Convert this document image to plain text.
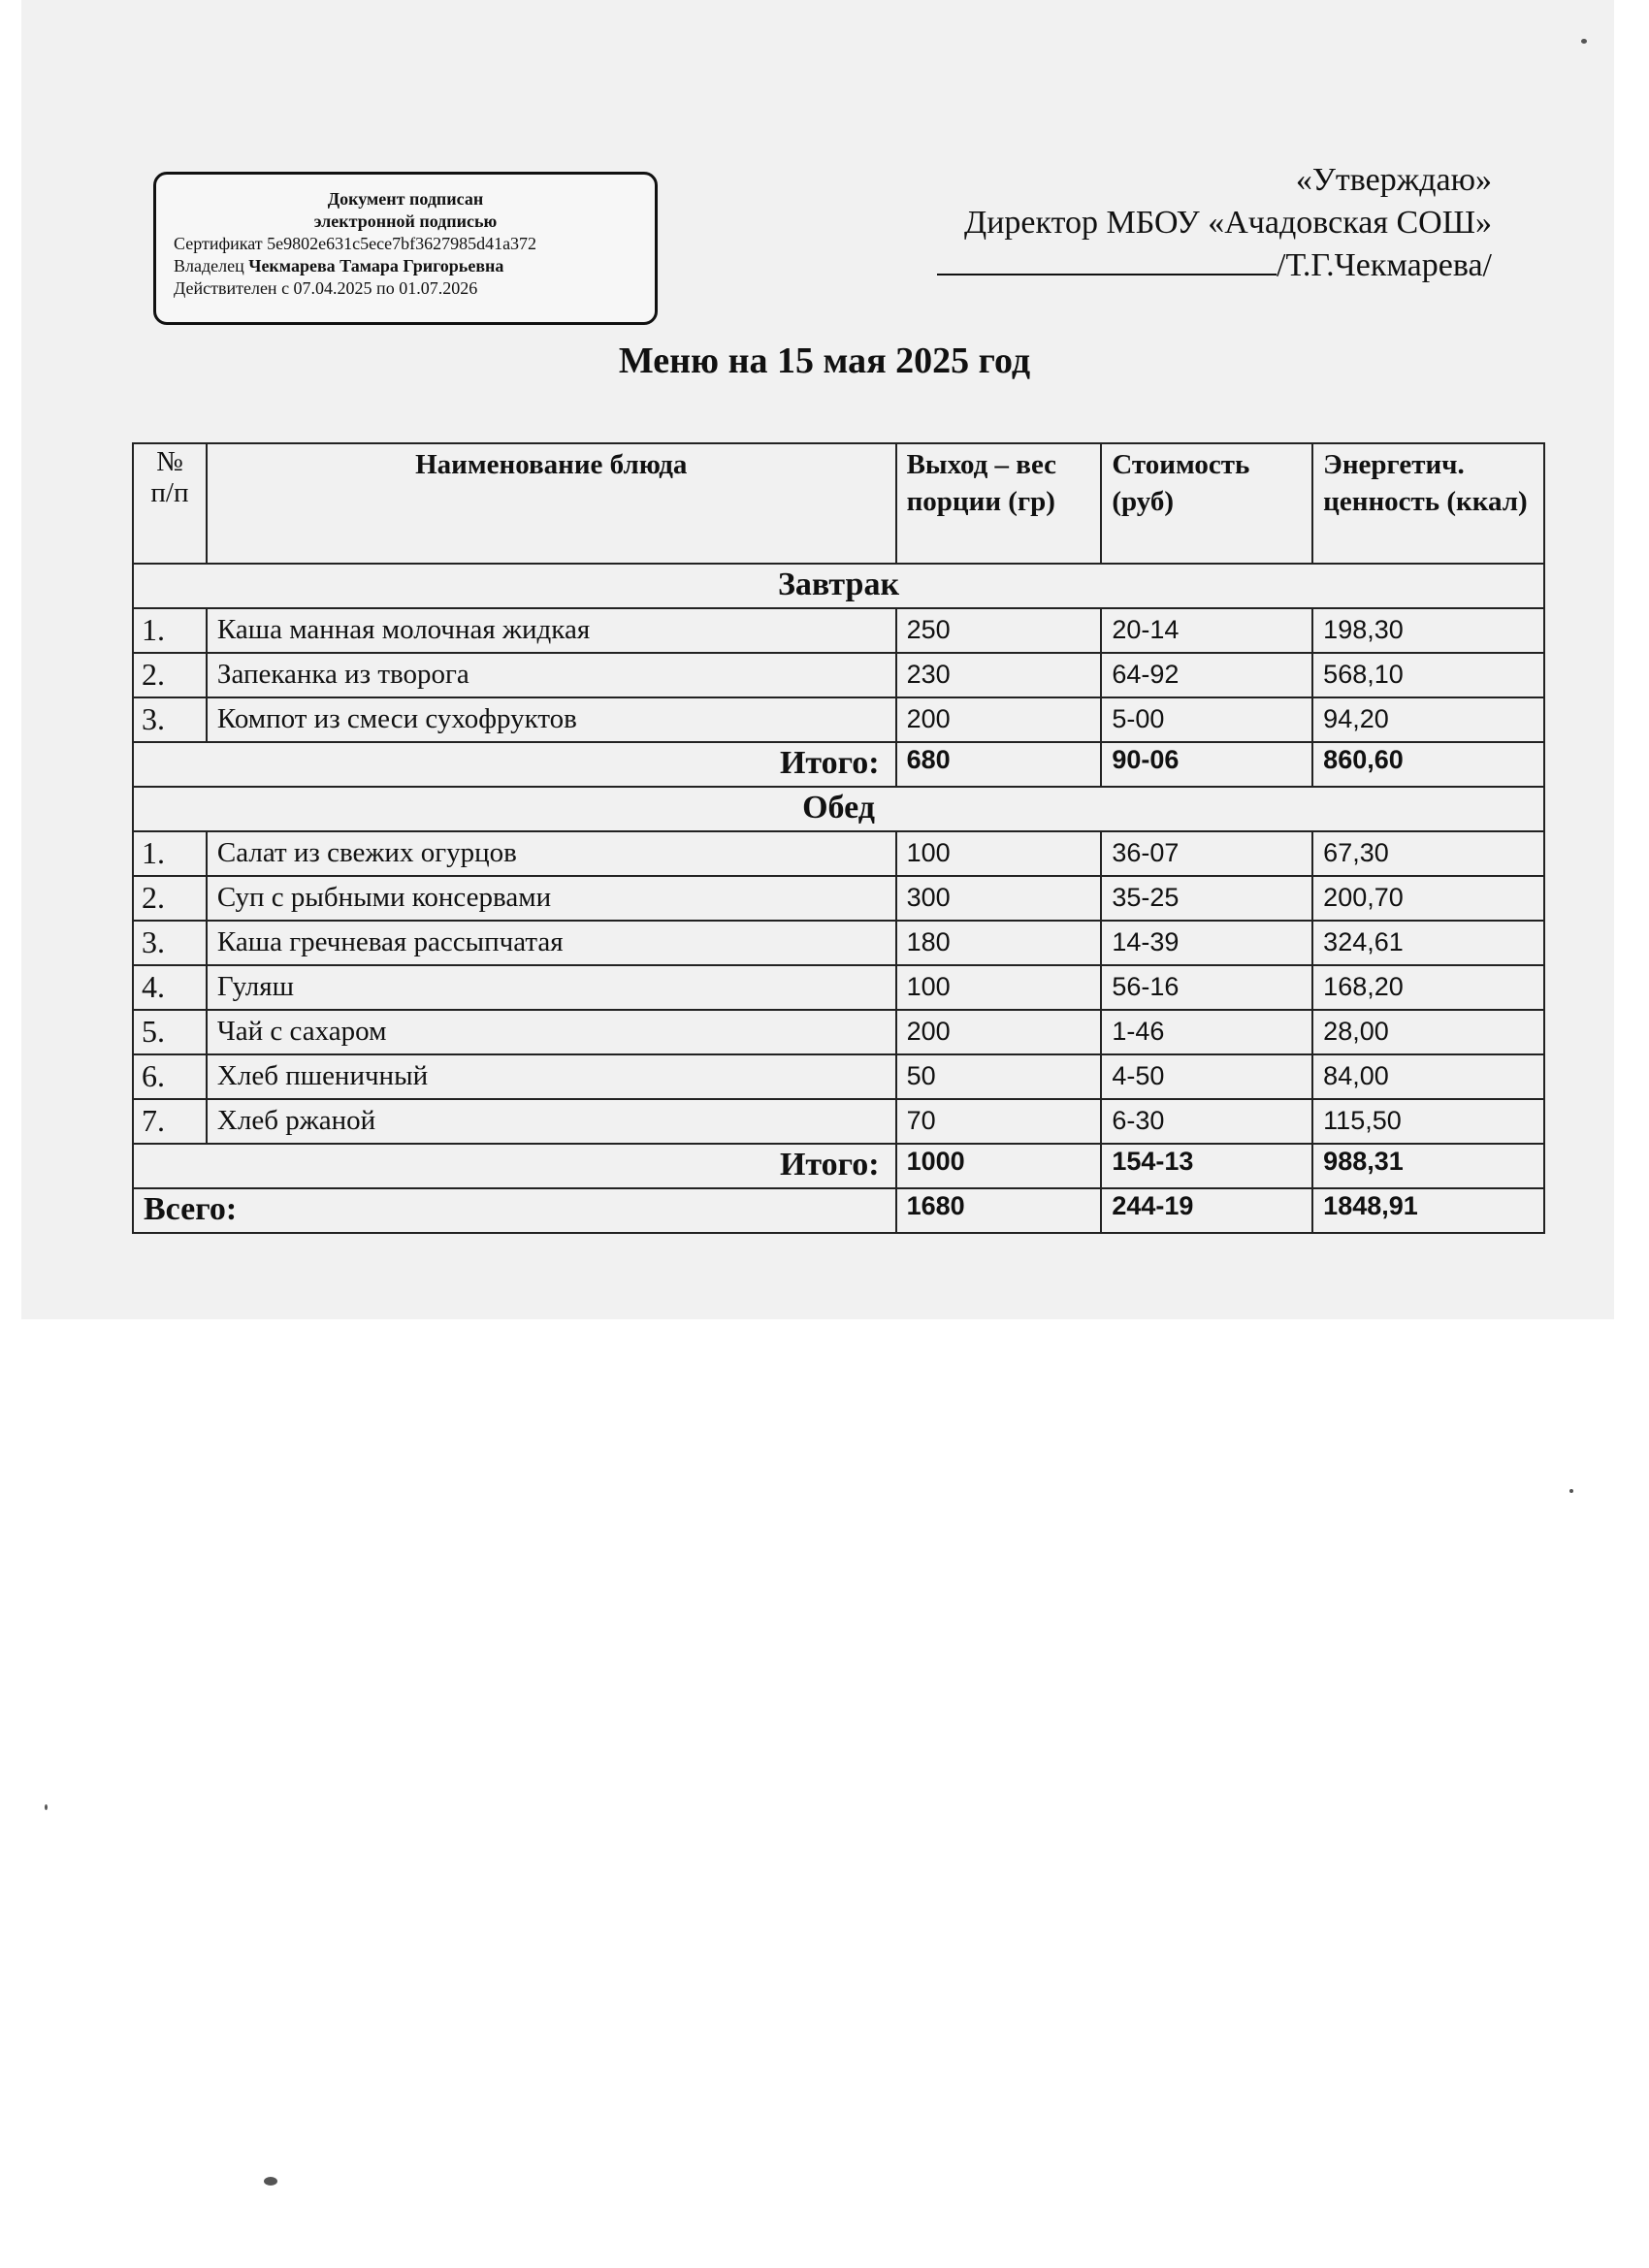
Документ подписан
электронной подписью
Сертификат 5e9802e631c5ece7bf3627985d41a372
Владелец Чекмарева Тамара Григорьевна
Действителен с 07.04.2025 по 01.07.2026
«Утверждаю»
Директор МБОУ «Ачадовская СОШ»
/Т.Г.Чекмарева/
Меню на 15 мая 2025 год
№ п/п	Наименование блюда	Выход – вес порции (гр)	Стоимость (руб)	Энергетич. ценность (ккал)
Завтрак				
1.	Каша манная молочная жидкая	250	20-14	198,30
2.	Запеканка из творога	230	64-92	568,10
3.	Компот из смеси сухофруктов	200	5-00	94,20
Итого:		680	90-06	860,60
Обед				
1.	Салат из свежих огурцов	100	36-07	67,30
2.	Суп с рыбными консервами	300	35-25	200,70
3.	Каша гречневая рассыпчатая	180	14-39	324,61
4.	Гуляш	100	56-16	168,20
5.	Чай с сахаром	200	1-46	28,00
6.	Хлеб пшеничный	50	4-50	84,00
7.	Хлеб ржаной	70	6-30	115,50
Итого:		1000	154-13	988,31
Всего:		1680	244-19	1848,91
